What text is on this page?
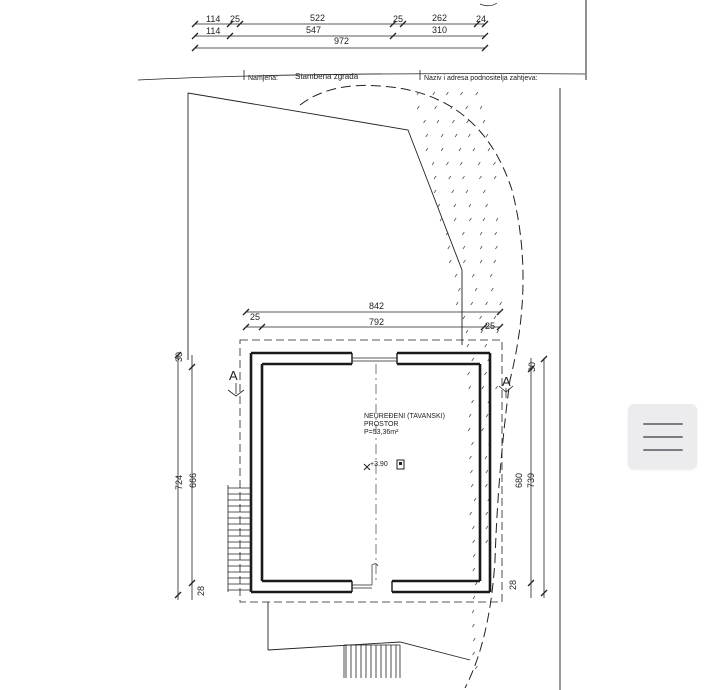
114 25	522	25	262	24
114	547	310
972
Namjena: Stambena zgrada	Naziv i adresa podnositelja zahtjeva:
842
792
25
25
724 666	680 739
30
30
28
28
A	A
NEUREĐENI (TAVANSKI)
PROSTOR
P=53,36m²
+3.90
